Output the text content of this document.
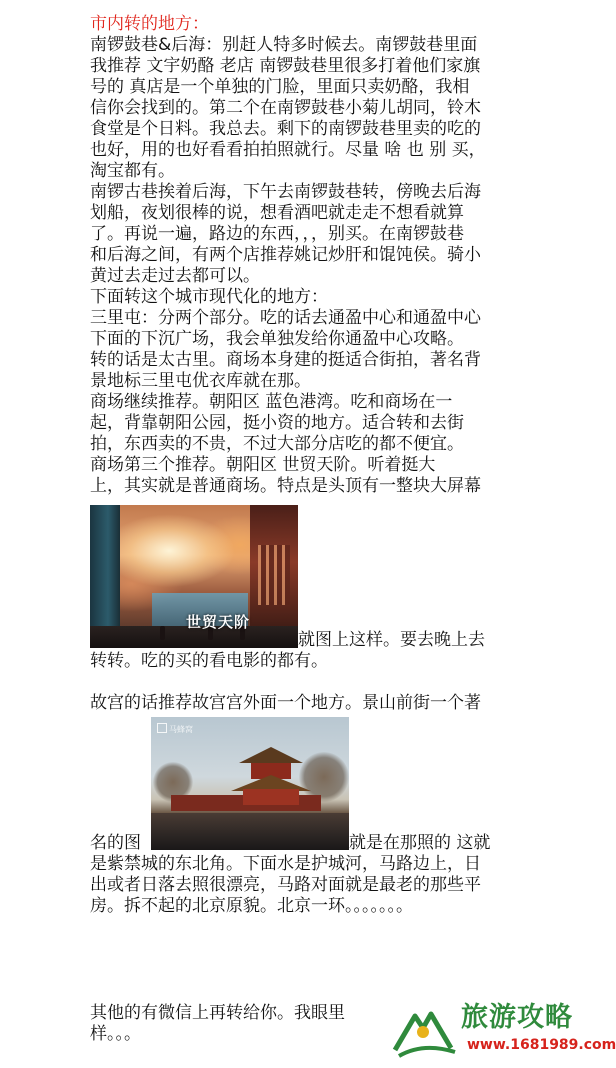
市内转的地方：

南锣鼓巷&后海：别赶人特多时候去。南锣鼓巷里面

我推荐 文宇奶酪 老店 南锣鼓巷里很多打着他们家旗

号的 真店是一个单独的门脸，里面只卖奶酪，我相

信你会找到的。第二个在南锣鼓巷小菊儿胡同，铃木

食堂是个日料。我总去。剩下的南锣鼓巷里卖的吃的

也好，用的也好看看拍拍照就行。尽量 啥 也 别 买，

淘宝都有。

南锣古巷挨着后海，下午去南锣鼓巷转，傍晚去后海

划船，夜划很棒的说，想看酒吧就走走不想看就算

了。再说一遍，路边的东西，，，别买。在南锣鼓巷

和后海之间，有两个店推荐姚记炒肝和馄饨侯。骑小

黄过去走过去都可以。

下面转这个城市现代化的地方：

三里屯：分两个部分。吃的话去通盈中心和通盈中心

下面的下沉广场，我会单独发给你通盈中心攻略。

转的话是太古里。商场本身建的挺适合街拍，著名背

景地标三里屯优衣库就在那。

商场继续推荐。朝阳区 蓝色港湾。吃和商场在一

起，背靠朝阳公园，挺小资的地方。适合转和去街

拍，东西卖的不贵，不过大部分店吃的都不便宜。

商场第三个推荐。朝阳区 世贸天阶。听着挺大

上，其实就是普通商场。特点是头顶有一整块大屏幕

世贸天阶
就图上这样。要去晚上去

转转。吃的买的看电影的都有。

故宫的话推荐故宫宫外面一个地方。景山前街一个著

马蜂窝
名的图	就是在那照的 这就

是紫禁城的东北角。下面水是护城河，马路边上，日

出或者日落去照很漂亮，马路对面就是最老的那些平

房。拆不起的北京原貌。北京一环。。。。。。。

其他的有微信上再转给你。我眼里

样。。。

旅游攻略
www.1681989.com
